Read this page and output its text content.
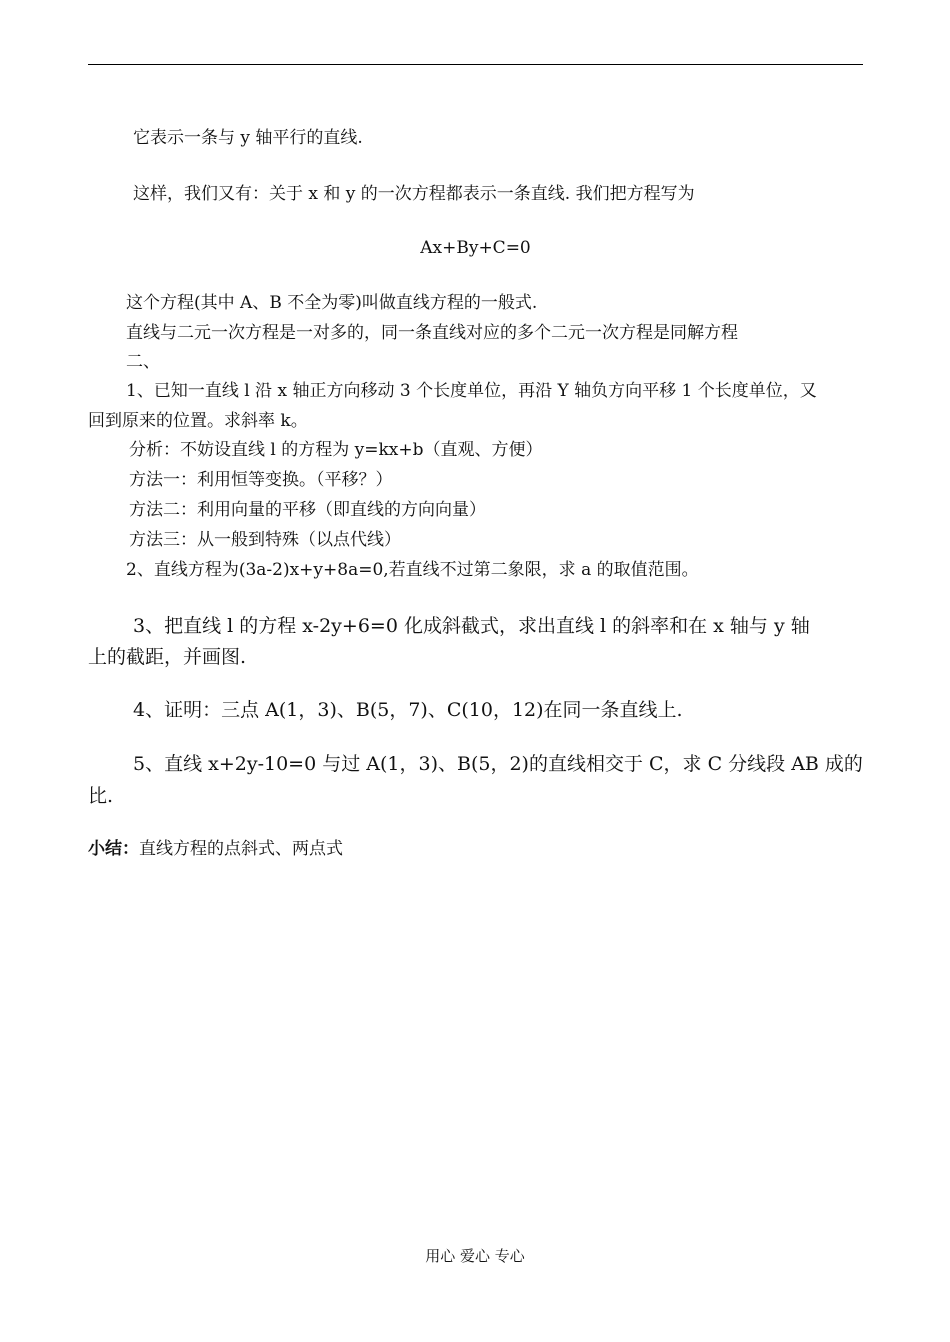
它表示一条与 y 轴平行的直线.
这样，我们又有：关于 x 和 y 的一次方程都表示一条直线. 我们把方程写为
Ax+By+C=0
这个方程(其中 A、B 不全为零)叫做直线方程的一般式.
直线与二元一次方程是一对多的，同一条直线对应的多个二元一次方程是同解方程
二、
1、已知一直线 l 沿 x 轴正方向移动 3 个长度单位，再沿 Y 轴负方向平移 1 个长度单位，又
回到原来的位置。求斜率 k。
分析：不妨设直线 l 的方程为 y=kx+b（直观、方便）
方法一：利用恒等变换。（平移？）
方法二：利用向量的平移（即直线的方向向量）
方法三：从一般到特殊（以点代线）
2、直线方程为(3a-2)x+y+8a=0,若直线不过第二象限，求 a 的取值范围。
3、把直线 l 的方程 x-2y+6=0 化成斜截式，求出直线 l 的斜率和在 x 轴与 y 轴
上的截距，并画图.
4、证明：三点 A(1，3)、B(5，7)、C(10，12)在同一条直线上.
5、直线 x+2y-10=0 与过 A(1，3)、B(5，2)的直线相交于 C，求 C 分线段 AB 成的
比.
小结：直线方程的点斜式、两点式
用心 爱心 专心
